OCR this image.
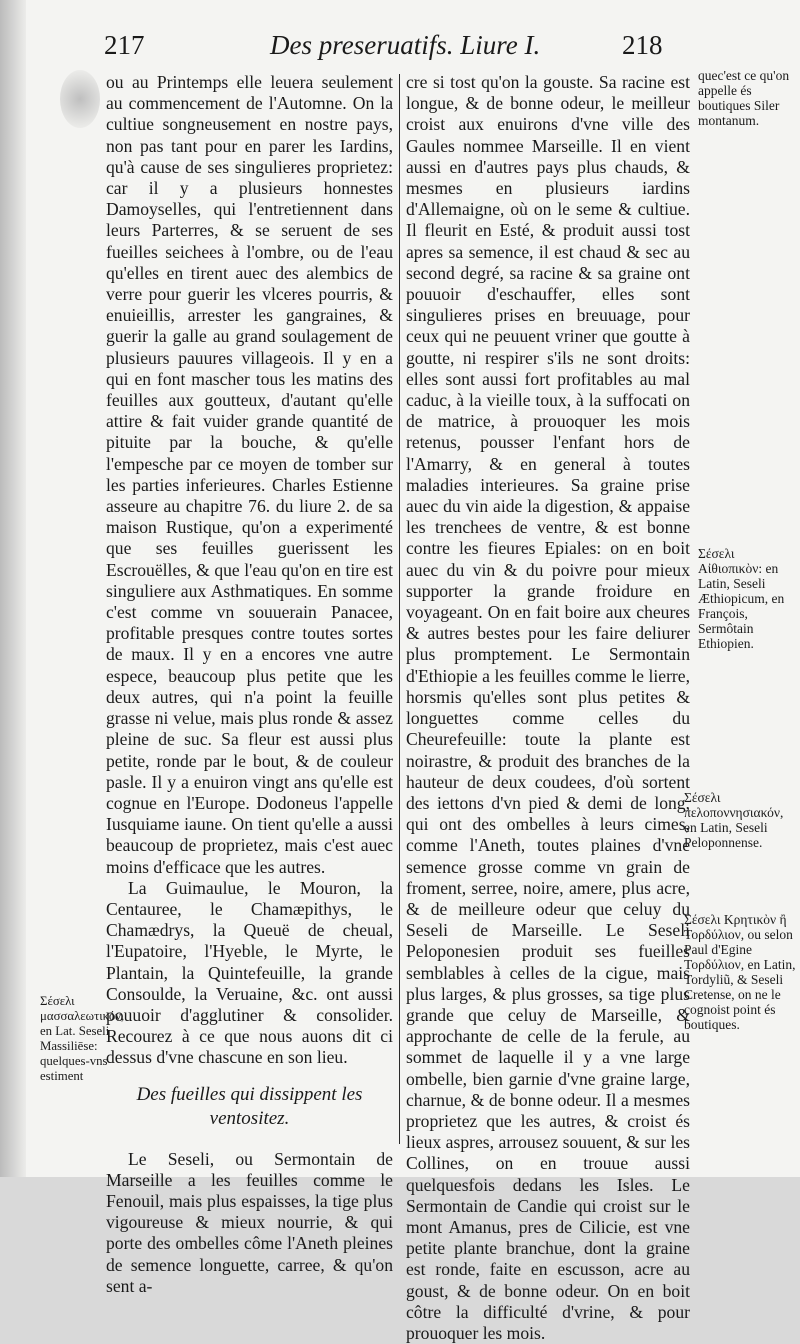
217	Des preseruatifs. Liure I.	218

ou au Printemps elle leuera seulement au commencement de l'Automne. On la cultiue songneusement en nostre pays, non pas tant pour en parer les Iardins, qu'à cause de ses singulieres proprietez: car il y a plusieurs honnestes Damoyselles, qui l'entretiennent dans leurs Parterres, & se seruent de ses fueilles seichees à l'ombre, ou de l'eau qu'elles en tirent auec des alembics de verre pour guerir les vlceres pourris, & enuieillis, arrester les gangraines, & guerir la galle au grand soulagement de plusieurs pauures villageois. Il y en a qui en font mascher tous les matins des feuilles aux goutteux, d'autant qu'elle attire & fait vuider grande quantité de pituite par la bouche, & qu'elle l'empesche par ce moyen de tomber sur les parties inferieures. Charles Estienne asseure au chapitre 76. du liure 2. de sa maison Rustique, qu'on a experimenté que ses feuilles guerissent les Escrouëlles, & que l'eau qu'on en tire est singuliere aux Asthmatiques. En somme c'est comme vn souuerain Panacee, profitable presques contre toutes sortes de maux. Il y en a encores vne autre espece, beaucoup plus petite que les deux autres, qui n'a point la feuille grasse ni velue, mais plus ronde & assez pleine de suc. Sa fleur est aussi plus petite, ronde par le bout, & de couleur pasle. Il y a enuiron vingt ans qu'elle est cognue en l'Europe. Dodoneus l'appelle Iusquiame iaune. On tient qu'elle a aussi beaucoup de proprietez, mais c'est auec moins d'efficace que les autres.

La Guimaulue, le Mouron, la Centauree, le Chamæpithys, le Chamædrys, la Queuë de cheual, l'Eupatoire, l'Hyeble, le Myrte, le Plantain, la Quintefeuille, la grande Consoulde, la Veruaine, &c. ont aussi pouuoir d'agglutiner & consolider. Recourez à ce que nous auons dit ci dessus d'vne chascune en son lieu.

Des fueilles qui dissippent les ventositez.

Le Seseli, ou Sermontain de Marseille a les feuilles comme le Fenouil, mais plus espaisses, la tige plus vigoureuse & mieux nourrie, & qui porte des ombelles côme l'Aneth pleines de semence longuette, carree, & qu'on sent a-

cre si tost qu'on la gouste. Sa racine est longue, & de bonne odeur, le meilleur croist aux enuirons d'vne ville des Gaules nommee Marseille. Il en vient aussi en d'autres pays plus chauds, & mesmes en plusieurs iardins d'Allemaigne, où on le seme & cultiue. Il fleurit en Esté, & produit aussi tost apres sa semence, il est chaud & sec au second degré, sa racine & sa graine ont pouuoir d'eschauffer, elles sont singulieres prises en breuuage, pour ceux qui ne peuuent vriner que goutte à goutte, ni respirer s'ils ne sont droits: elles sont aussi fort profitables au mal caduc, à la vieille toux, à la suffocati on de matrice, à prouoquer les mois retenus, pousser l'enfant hors de l'Amarry, & en general à toutes maladies interieures. Sa graine prise auec du vin aide la digestion, & appaise les trenchees de ventre, & est bonne contre les fieures Epiales: on en boit auec du vin & du poivre pour mieux supporter la grande froidure en voyageant. On en fait boire aux cheures & autres bestes pour les faire deliurer plus promptement. Le Sermontain d'Ethiopie a les feuilles comme le lierre, horsmis qu'elles sont plus petites & longuettes comme celles du Cheurefeuille: toute la plante est noirastre, & produit des branches de la hauteur de deux coudees, d'où sortent des iettons d'vn pied & demi de long, qui ont des ombelles à leurs cimes, comme l'Aneth, toutes plaines d'vne semence grosse comme vn grain de froment, serree, noire, amere, plus acre, & de meilleure odeur que celuy du Seseli de Marseille. Le Seseli Peloponesien produit ses fueilles semblables à celles de la cigue, mais plus larges, & plus grosses, sa tige plus grande que celuy de Marseille, & approchante de celle de la ferule, au sommet de laquelle il y a vne large ombelle, bien garnie d'vne graine large, charnue, & de bonne odeur. Il a mesmes proprietez que les autres, & croist és lieux aspres, arrousez souuent, & sur les Collines, on en trouue aussi quelquesfois dedans les Isles. Le Sermontain de Candie qui croist sur le mont Amanus, pres de Cilicie, est vne petite plante branchue, dont la graine est ronde, faite en escusson, acre au goust, & de bonne odeur. On en boit côtre la difficulté d'vrine, & pour prouoquer les mois.

quec'est ce qu'on appelle és boutiques Siler montanum.
Σέσελι Αἰθιοπικὸν: en Latin, Seseli Æthiopicum, en François, Sermôtain Ethiopien.
Σέσελι πελοποννησιακόν, en Latin, Seseli Peloponnense.
Σέσελι Κρητικὸν ἢ Τορδύλιον, ou selon Paul d'Egine Τορδύλιον, en Latin, Tordyliũ, & Seseli Cretense, on ne le cognoist point és boutiques.
Σέσελι μασσαλεωτικόν, en Lat. Seseli Massiliēse: quelques-vns estiment
